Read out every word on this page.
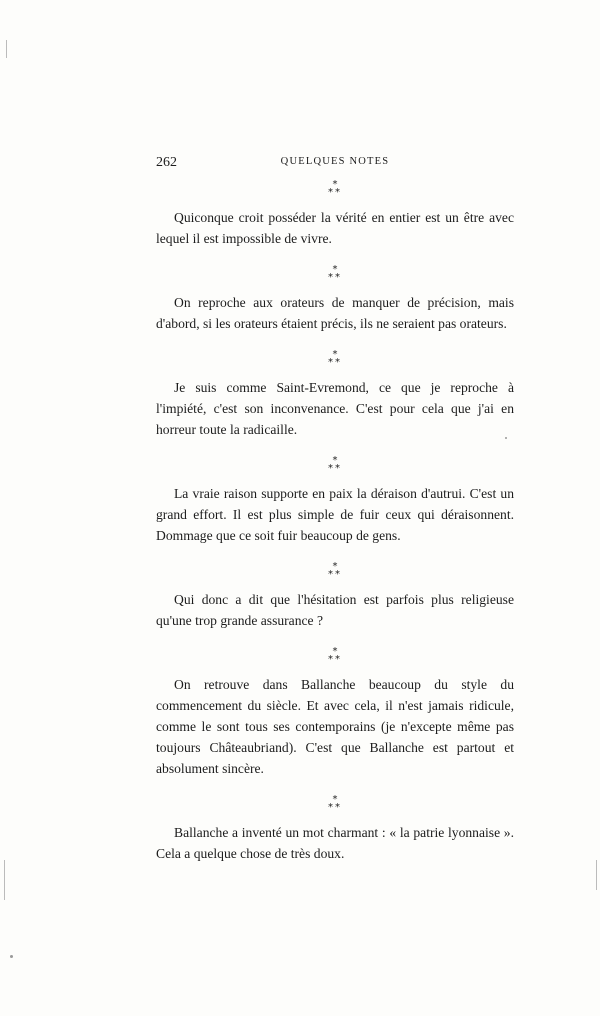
262	QUELQUES NOTES
*
**

Quiconque croit posséder la vérité en entier est un être avec lequel il est impossible de vivre.

*
**

On reproche aux orateurs de manquer de précision, mais d'abord, si les orateurs étaient précis, ils ne seraient pas orateurs.

*
**

Je suis comme Saint-Evremond, ce que je reproche à l'impiété, c'est son inconvenance. C'est pour cela que j'ai en horreur toute la radicaille.

*
**

La vraie raison supporte en paix la déraison d'autrui. C'est un grand effort. Il est plus simple de fuir ceux qui déraisonnent. Dommage que ce soit fuir beaucoup de gens.

*
**

Qui donc a dit que l'hésitation est parfois plus religieuse qu'une trop grande assurance ?

*
**

On retrouve dans Ballanche beaucoup du style du commencement du siècle. Et avec cela, il n'est jamais ridicule, comme le sont tous ses contemporains (je n'excepte même pas toujours Châteaubriand). C'est que Ballanche est partout et absolument sincère.

*
**

Ballanche a inventé un mot charmant : « la patrie lyonnaise ». Cela a quelque chose de très doux.
